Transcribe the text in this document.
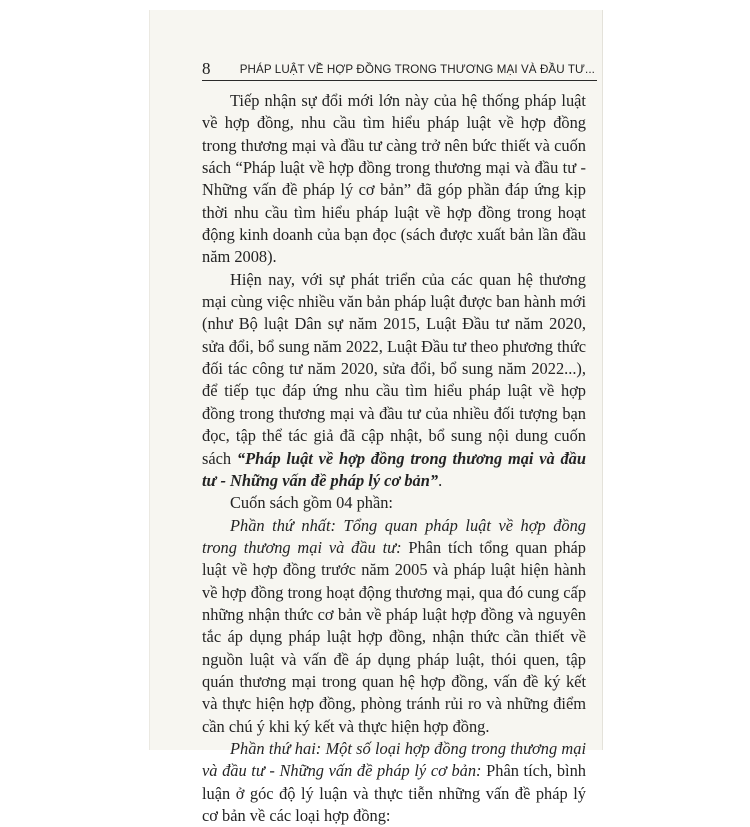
8	PHÁP LUẬT VỀ HỢP ĐỒNG TRONG THƯƠNG MẠI VÀ ĐẦU TƯ...

Tiếp nhận sự đổi mới lớn này của hệ thống pháp luật về hợp đồng, nhu cầu tìm hiểu pháp luật về hợp đồng trong thương mại và đầu tư càng trở nên bức thiết và cuốn sách “Pháp luật về hợp đồng trong thương mại và đầu tư - Những vấn đề pháp lý cơ bản” đã góp phần đáp ứng kịp thời nhu cầu tìm hiểu pháp luật về hợp đồng trong hoạt động kinh doanh của bạn đọc (sách được xuất bản lần đầu năm 2008).

Hiện nay, với sự phát triển của các quan hệ thương mại cùng việc nhiều văn bản pháp luật được ban hành mới (như Bộ luật Dân sự năm 2015, Luật Đầu tư năm 2020, sửa đổi, bổ sung năm 2022, Luật Đầu tư theo phương thức đối tác công tư năm 2020, sửa đổi, bổ sung năm 2022...), để tiếp tục đáp ứng nhu cầu tìm hiểu pháp luật về hợp đồng trong thương mại và đầu tư của nhiều đối tượng bạn đọc, tập thể tác giả đã cập nhật, bổ sung nội dung cuốn sách “Pháp luật về hợp đồng trong thương mại và đầu tư - Những vấn đề pháp lý cơ bản”.

Cuốn sách gồm 04 phần:

Phần thứ nhất: Tổng quan pháp luật về hợp đồng trong thương mại và đầu tư: Phân tích tổng quan pháp luật về hợp đồng trước năm 2005 và pháp luật hiện hành về hợp đồng trong hoạt động thương mại, qua đó cung cấp những nhận thức cơ bản về pháp luật hợp đồng và nguyên tắc áp dụng pháp luật hợp đồng, nhận thức cần thiết về nguồn luật và vấn đề áp dụng pháp luật, thói quen, tập quán thương mại trong quan hệ hợp đồng, vấn đề ký kết và thực hiện hợp đồng, phòng tránh rủi ro và những điểm cần chú ý khi ký kết và thực hiện hợp đồng.

Phần thứ hai: Một số loại hợp đồng trong thương mại và đầu tư - Những vấn đề pháp lý cơ bản: Phân tích, bình luận ở góc độ lý luận và thực tiễn những vấn đề pháp lý cơ bản về các loại hợp đồng:
